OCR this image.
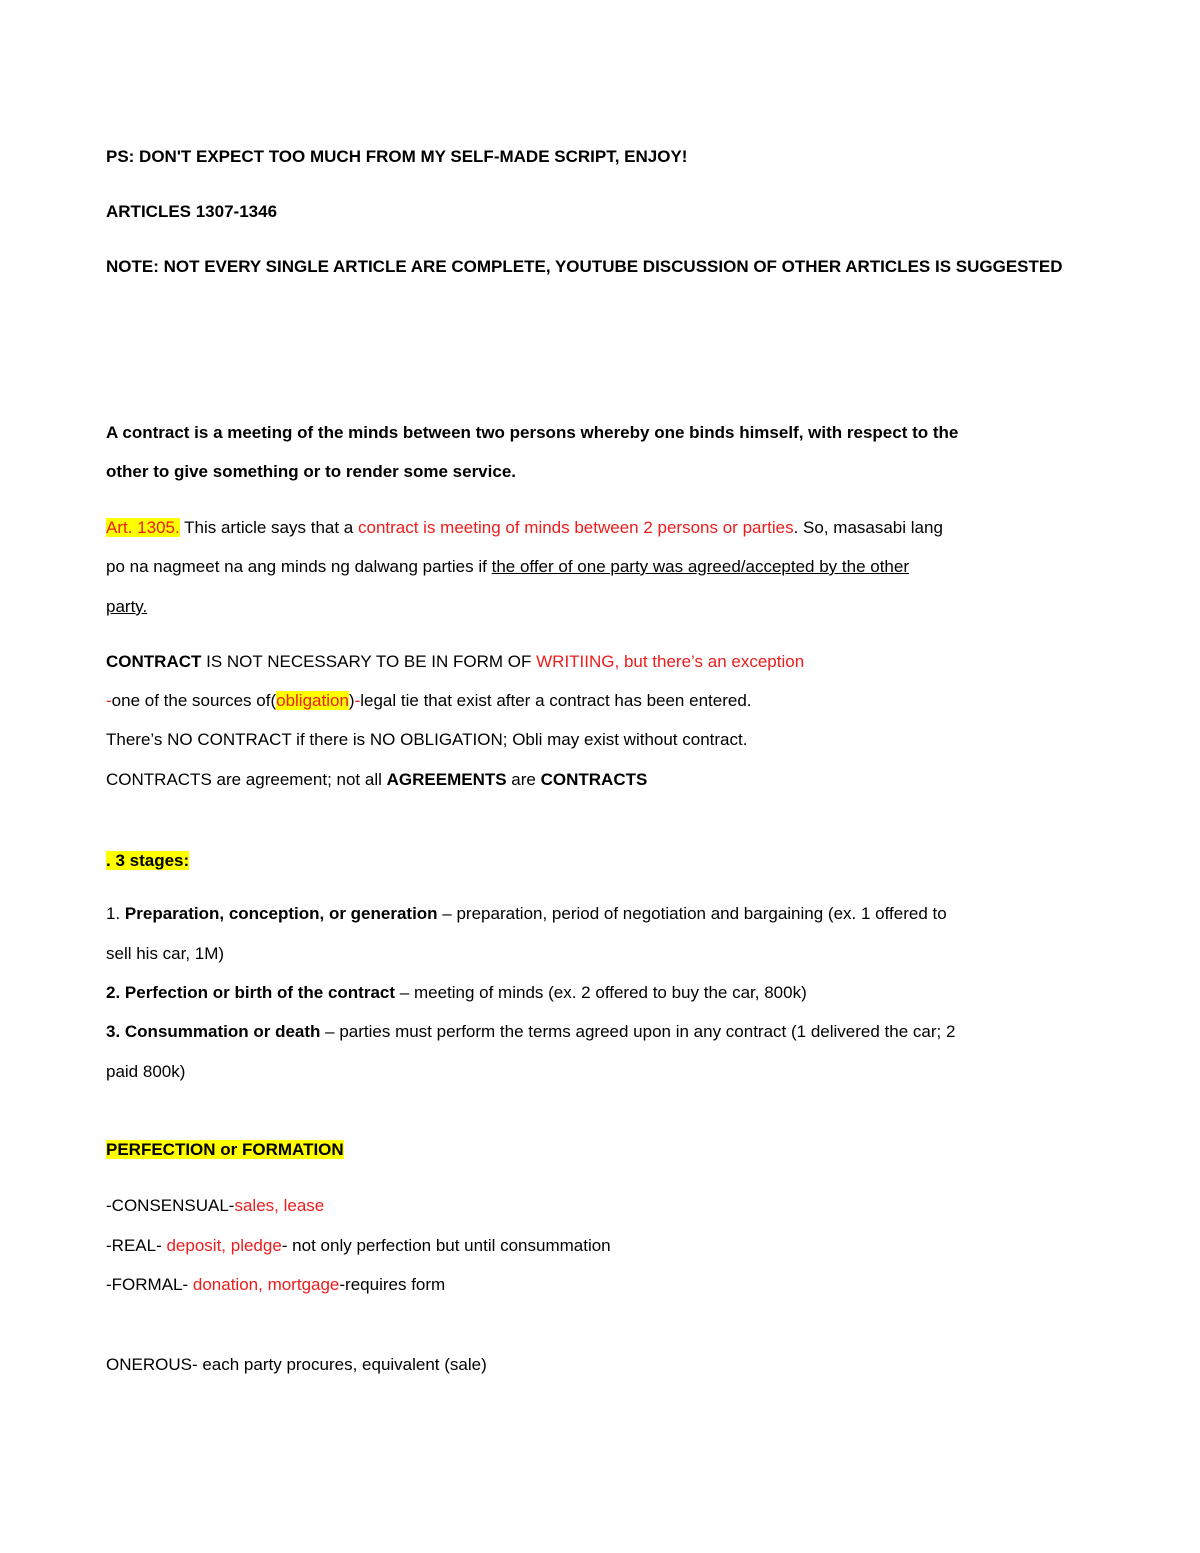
PS: DON'T EXPECT TOO MUCH FROM MY SELF-MADE SCRIPT, ENJOY!
ARTICLES 1307-1346
NOTE: NOT EVERY SINGLE ARTICLE ARE COMPLETE, YOUTUBE DISCUSSION OF OTHER ARTICLES IS SUGGESTED
A contract is a meeting of the minds between two persons whereby one binds himself, with respect to the
other to give something or to render some service.
Art. 1305. This article says that a contract is meeting of minds between 2 persons or parties. So, masasabi lang
po na nagmeet na ang minds ng dalwang parties if the offer of one party was agreed/accepted by the other
party.
CONTRACT IS NOT NECESSARY TO BE IN FORM OF WRITIING, but there’s an exception
-one of the sources of(obligation)-legal tie that exist after a contract has been entered.
There’s NO CONTRACT if there is NO OBLIGATION; Obli may exist without contract.
CONTRACTS are agreement; not all AGREEMENTS are CONTRACTS
. 3 stages:
1. Preparation, conception, or generation – preparation, period of negotiation and bargaining (ex. 1 offered to
sell his car, 1M)
2. Perfection or birth of the contract – meeting of minds (ex. 2 offered to buy the car, 800k)
3. Consummation or death – parties must perform the terms agreed upon in any contract (1 delivered the car; 2
paid 800k)
PERFECTION or FORMATION
-CONSENSUAL-sales, lease
-REAL- deposit, pledge- not only perfection but until consummation
-FORMAL- donation, mortgage-requires form
ONEROUS- each party procures, equivalent (sale)
